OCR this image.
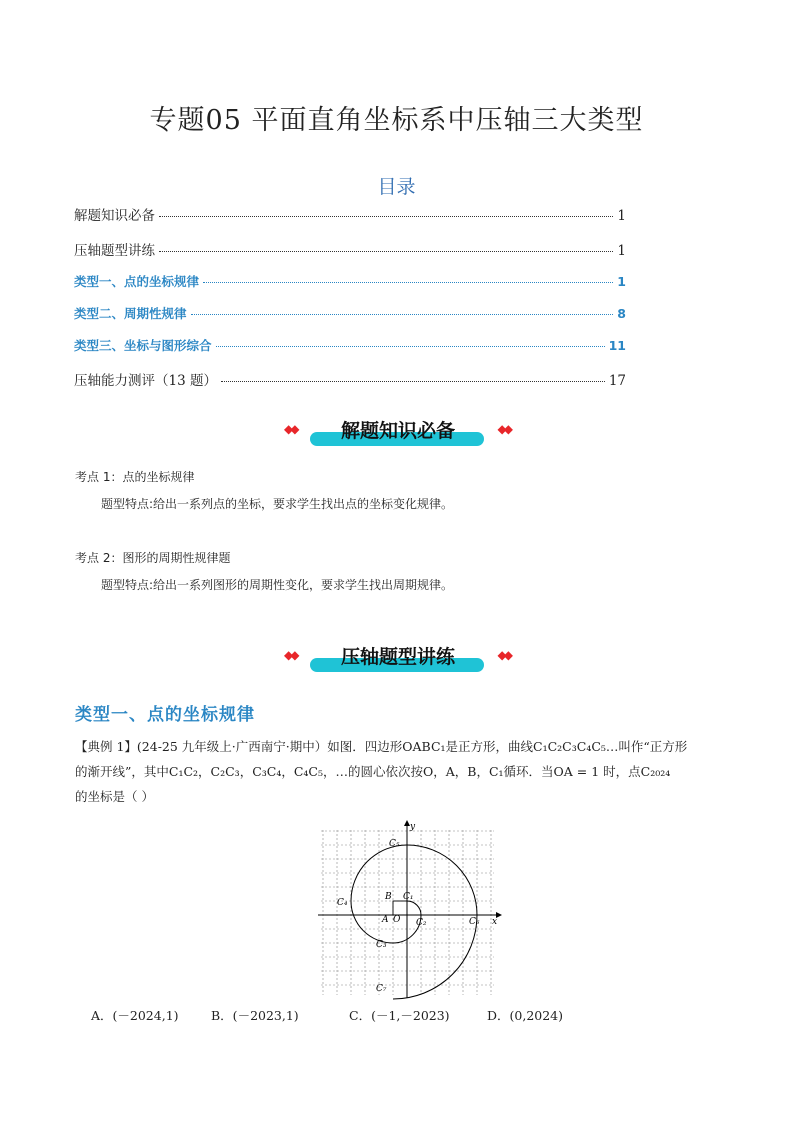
专题05 平面直角坐标系中压轴三大类型
目录
解题知识必备	1
压轴题型讲练	1
类型一、点的坐标规律	1
类型二、周期性规律	8
类型三、坐标与图形综合	11
压轴能力测评（13 题）	17
◆◆	解题知识必备	◆◆
考点 1：点的坐标规律
题型特点:给出一系列点的坐标，要求学生找出点的坐标变化规律。
考点 2：图形的周期性规律题
题型特点:给出一系列图形的周期性变化，要求学生找出周期规律。
◆◆	压轴题型讲练	◆◆
类型一、点的坐标规律
【典例 1】(24-25 九年级上·广西南宁·期中）如图．四边形OABC₁是正方形，曲线C₁C₂C₃C₄C₅…叫作“正方形
的渐开线”，其中C₁C₂，C₂C₃，C₃C₄，C₄C₅，…的圆心依次按O，A，B，C₁循环．当OA = 1 时，点C₂₀₂₄
的坐标是（ ）
y
x
C₅
C₄
B C₁
A O C₂	C₆
C₃
C₇
A．(－2024,1)	B．(－2023,1)	C．(－1,－2023)	D．(0,2024)
